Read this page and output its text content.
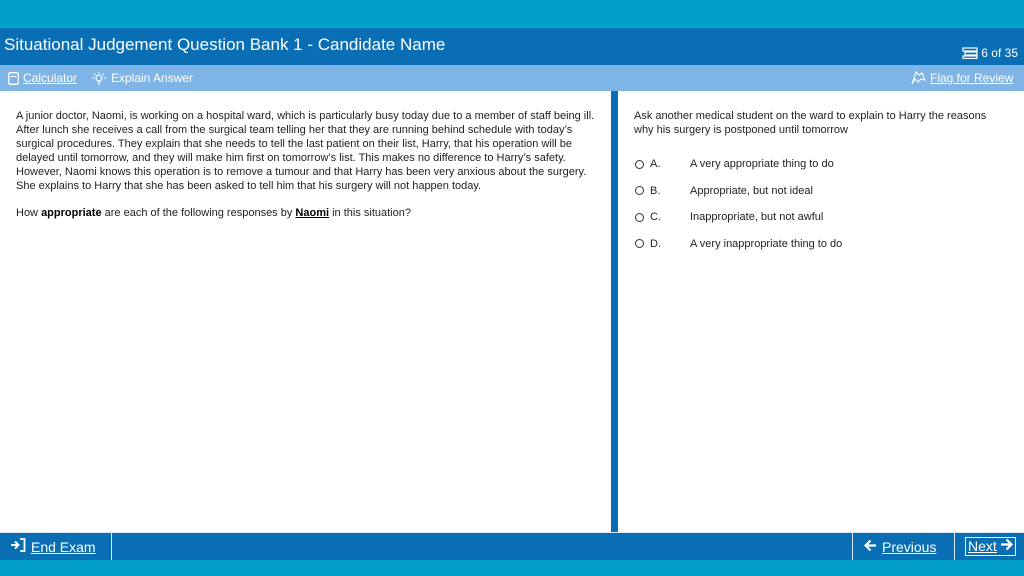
Situational Judgement Question Bank 1 - Candidate Name	6 of 35
Calculator	Explain Answer	Flag for Review
A junior doctor, Naomi, is working on a hospital ward, which is particularly busy today due to a member of staff being ill. After lunch she receives a call from the surgical team telling her that they are running behind schedule with today’s surgical procedures. They explain that she needs to tell the last patient on their list, Harry, that his operation will be delayed until tomorrow, and they will make him first on tomorrow’s list. This makes no difference to Harry’s safety. However, Naomi knows this operation is to remove a tumour and that Harry has been very anxious about the surgery. She explains to Harry that she has been asked to tell him that his surgery will not happen today.
How appropriate are each of the following responses by Naomi in this situation?
Ask another medical student on the ward to explain to Harry the reasons why his surgery is postponed until tomorrow
A.	A very appropriate thing to do
B.	Appropriate, but not ideal
C.	Inappropriate, but not awful
D.	A very inappropriate thing to do
End Exam	Previous Next
